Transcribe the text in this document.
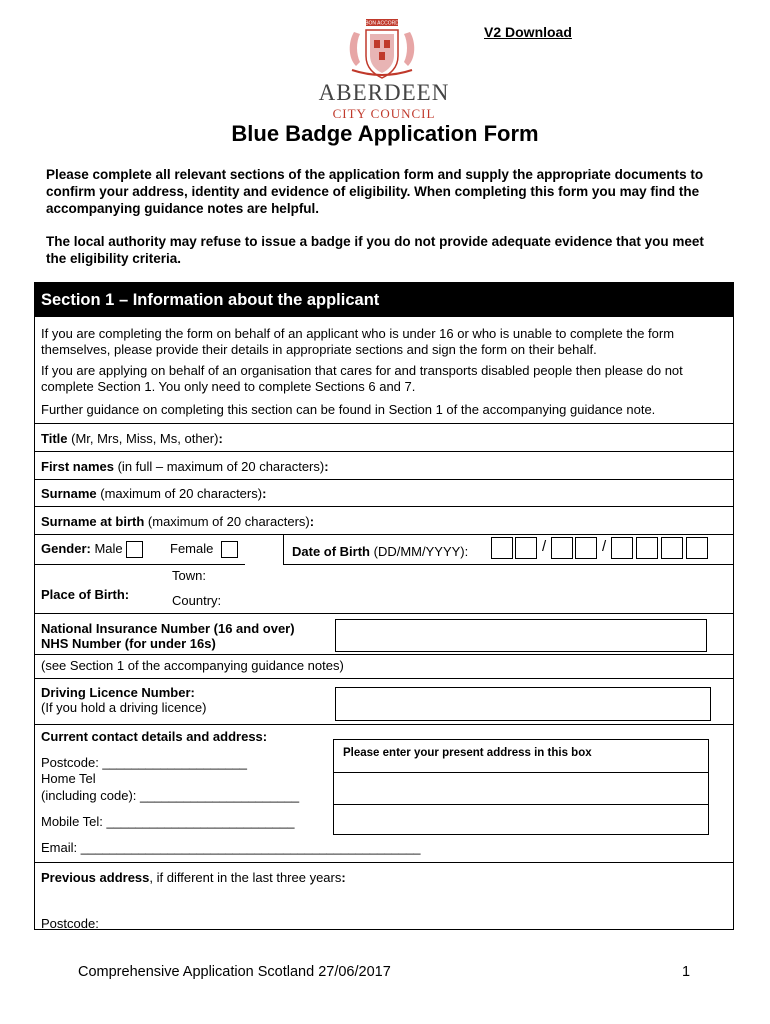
V2 Download
BON ACCORD
ABERDEEN
CITY COUNCIL
Blue Badge Application Form
Please complete all relevant sections of the application form and supply the appropriate documents to confirm your address, identity and evidence of eligibility. When completing this form you may find the accompanying guidance notes are helpful.
The local authority may refuse to issue a badge if you do not provide adequate evidence that you meet the eligibility criteria.
Section 1 – Information about the applicant
If you are completing the form on behalf of an applicant who is under 16 or who is unable to complete the form themselves, please provide their details in appropriate sections and sign the form on their behalf.
If you are applying on behalf of an organisation that cares for and transports disabled people then please do not complete Section 1. You only need to complete Sections 6 and 7.
Further guidance on completing this section can be found in Section 1 of the accompanying guidance note.
Title (Mr, Mrs, Miss, Ms, other):
First names (in full – maximum of 20 characters):
Surname (maximum of 20 characters):
Surname at birth (maximum of 20 characters):
Gender: Male	Female	Date of Birth (DD/MM/YYYY):	/	/
Place of Birth:
Town:
Country:
National Insurance Number (16 and over)
NHS Number (for under 16s)
(see Section 1 of the accompanying guidance notes)
Driving Licence Number:
(If you hold a driving licence)
Current contact details and address:
Please enter your present address in this box
Postcode: ____________________
Home Tel
(including code): ______________________
Mobile Tel: __________________________
Email: _______________________________________________
Previous address, if different in the last three years:
Postcode:
Comprehensive Application Scotland 27/06/2017	1
